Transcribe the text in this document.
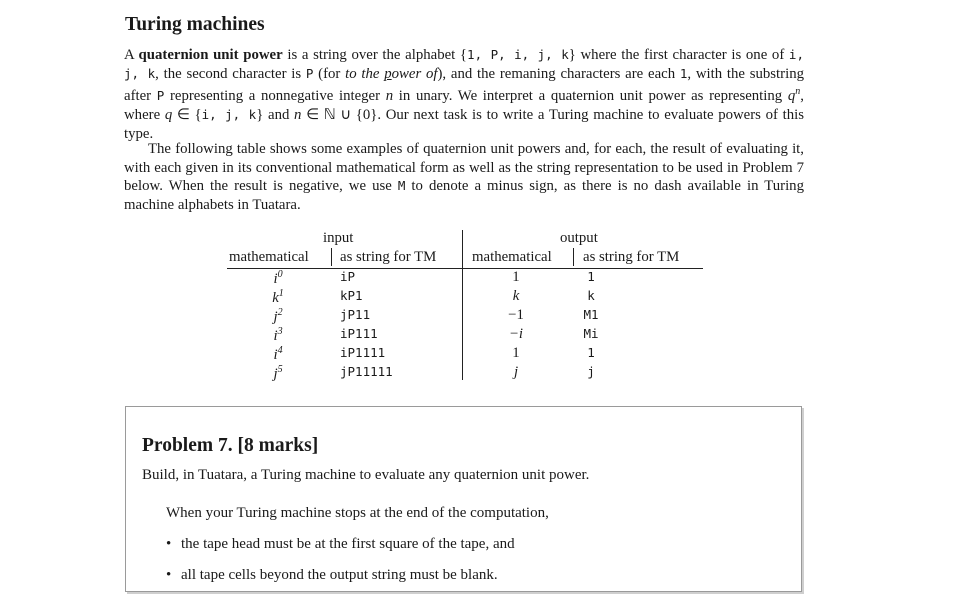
Turing machines
A quaternion unit power is a string over the alphabet {1, P, i, j, k} where the first character is one of i, j, k, the second character is P (for to the power of), and the remaning characters are each 1, with the substring after P representing a nonnegative integer n in unary. We interpret a quaternion unit power as representing $q^n$, where q ∈ {i, j, k} and n ∈ ℕ ∪ {0}. Our next task is to write a Turing machine to evaluate powers of this type.
The following table shows some examples of quaternion unit powers and, for each, the result of evaluating it, with each given in its conventional mathematical form as well as the string representation to be used in Problem 7 below. When the result is negative, we use M to denote a minus sign, as there is no dash available in Turing machine alphabets in Tuatara.
input	output
mathematical as string for TM mathematical as string for TM
$i^0$	iP	1	1
$k^1$	kP1	k	k
$j^2$	jP11	−1	M1
$i^3$	iP111	−i	Mi
$i^4$	iP1111	1	1
$j^5$	jP11111	j	j
Problem 7. [8 marks]
Build, in Tuatara, a Turing machine to evaluate any quaternion unit power.
When your Turing machine stops at the end of the computation,
• the tape head must be at the first square of the tape, and
• all tape cells beyond the output string must be blank.
